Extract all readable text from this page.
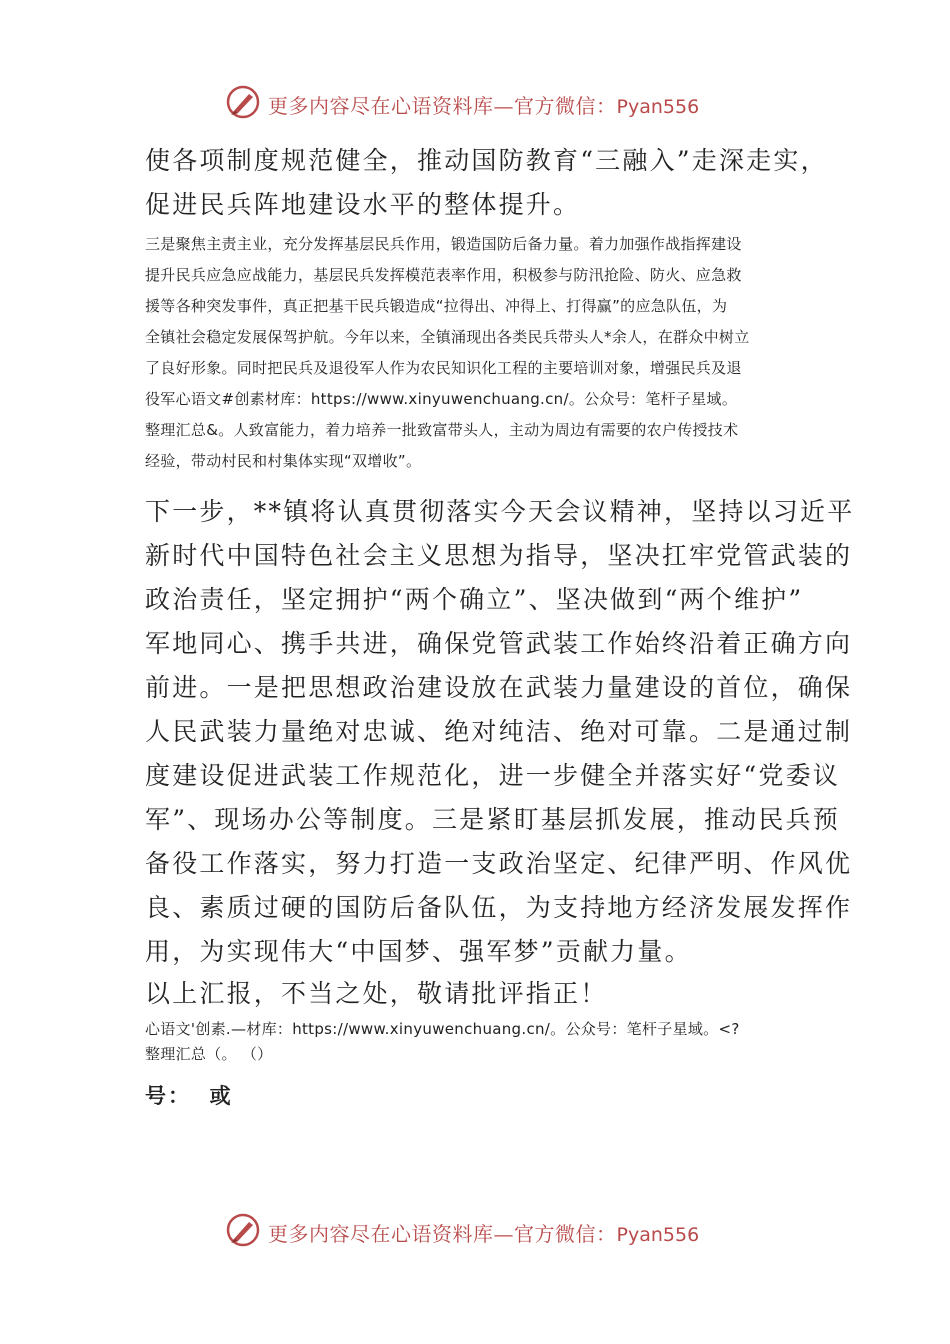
更多内容尽在心语资料库—官方微信：Pyan556
使各项制度规范健全，推动国防教育“三融入”走深走实，
促进民兵阵地建设水平的整体提升。
三是聚焦主责主业，充分发挥基层民兵作用，锻造国防后备力量。着力加强作战指挥建设
提升民兵应急应战能力，基层民兵发挥模范表率作用，积极参与防汛抢险、防火、应急救
援等各种突发事件，真正把基干民兵锻造成“拉得出、冲得上、打得赢”的应急队伍，为
全镇社会稳定发展保驾护航。今年以来，全镇涌现出各类民兵带头人*余人，在群众中树立
了良好形象。同时把民兵及退役军人作为农民知识化工程的主要培训对象，增强民兵及退
役军心语文#创素材库：https://www.xinyuwenchuang.cn/。公众号：笔杆子星域。
整理汇总&。人致富能力，着力培养一批致富带头人，主动为周边有需要的农户传授技术
经验，带动村民和村集体实现“双增收”。
下一步，**镇将认真贯彻落实今天会议精神，坚持以习近平
新时代中国特色社会主义思想为指导，坚决扛牢党管武装的
政治责任，坚定拥护“两个确立”、坚决做到“两个维护”
军地同心、携手共进，确保党管武装工作始终沿着正确方向
前进。一是把思想政治建设放在武装力量建设的首位，确保
人民武装力量绝对忠诚、绝对纯洁、绝对可靠。二是通过制
度建设促进武装工作规范化，进一步健全并落实好“党委议
军”、现场办公等制度。三是紧盯基层抓发展，推动民兵预
备役工作落实，努力打造一支政治坚定、纪律严明、作风优
良、素质过硬的国防后备队伍，为支持地方经济发展发挥作
用，为实现伟大“中国梦、强军梦”贡献力量。
以上汇报，不当之处，敬请批评指正！
心语文'创素.—材库：https://www.xinyuwenchuang.cn/。公众号：笔杆子星域。<?
整理汇总（。 （）
号：  或
更多内容尽在心语资料库—官方微信：Pyan556
